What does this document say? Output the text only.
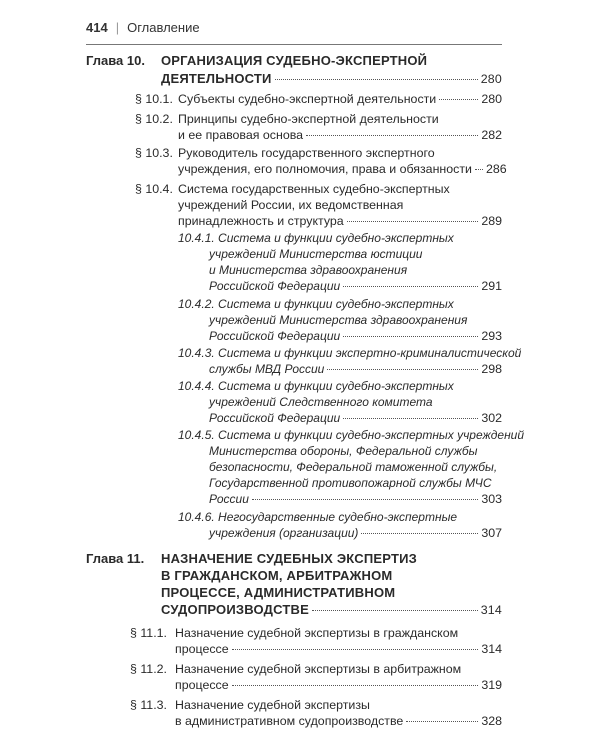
414 | Оглавление
Глава 10. ОРГАНИЗАЦИЯ СУДЕБНО-ЭКСПЕРТНОЙ
ДЕЯТЕЛЬНОСТИ	280
§ 10.1. Субъекты судебно-экспертной деятельности	280
§ 10.2. Принципы судебно-экспертной деятельности
и ее правовая основа	282
§ 10.3. Руководитель государственного экспертного
учреждения, его полномочия, права и обязанности 286
§ 10.4. Система государственных судебно-экспертных
учреждений России, их ведомственная
принадлежность и структура	289
10.4.1. Система и функции судебно-экспертных
учреждений Министерства юстиции
и Министерства здравоохранения
Российской Федерации	291
10.4.2. Система и функции судебно-экспертных
учреждений Министерства здравоохранения
Российской Федерации	293
10.4.3. Система и функции экспертно-криминалистической
службы МВД России	298
10.4.4. Система и функции судебно-экспертных
учреждений Следственного комитета
Российской Федерации	302
10.4.5. Система и функции судебно-экспертных учреждений
Министерства обороны, Федеральной службы
безопасности, Федеральной таможенной службы,
Государственной противопожарной службы МЧС
России	303
10.4.6. Негосударственные судебно-экспертные
учреждения (организации)	307
Глава 11. НАЗНАЧЕНИЕ СУДЕБНЫХ ЭКСПЕРТИЗ
В ГРАЖДАНСКОМ, АРБИТРАЖНОМ
ПРОЦЕССЕ, АДМИНИСТРАТИВНОМ
СУДОПРОИЗВОДСТВЕ	314
§ 11.1. Назначение судебной экспертизы в гражданском
процессе	314
§ 11.2. Назначение судебной экспертизы в арбитражном
процессе	319
§ 11.3. Назначение судебной экспертизы
в административном судопроизводстве	328
